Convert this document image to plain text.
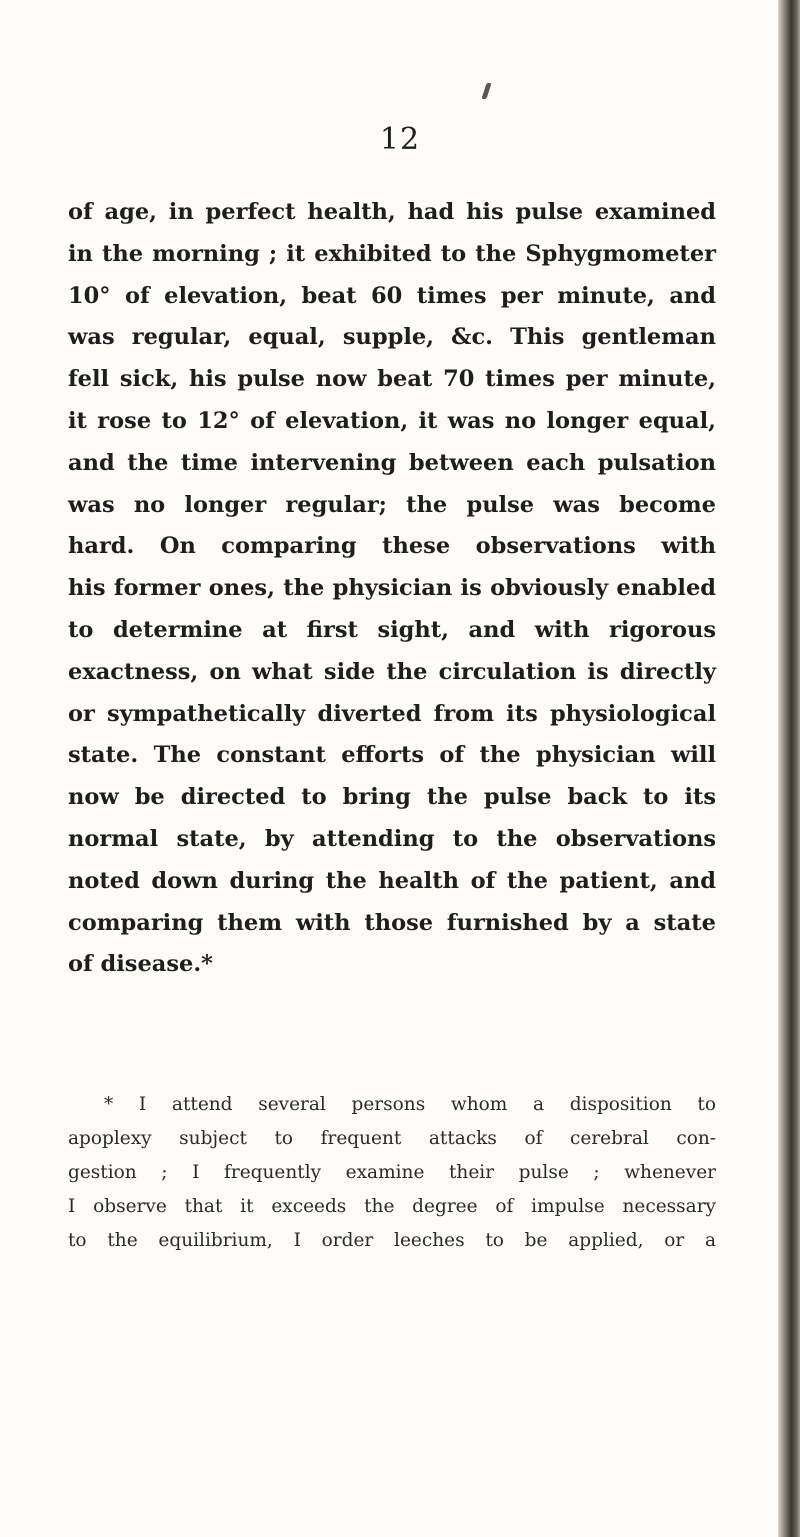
12
of age, in perfect health, had his pulse examined
in the morning ; it exhibited to the Sphygmometer
10° of elevation, beat 60 times per minute, and
was regular, equal, supple, &c. This gentleman
fell sick, his pulse now beat 70 times per minute,
it rose to 12° of elevation, it was no longer equal,
and the time intervening between each pulsation
was no longer regular; the pulse was become
hard. On comparing these observations with
his former ones, the physician is obviously enabled
to determine at first sight, and with rigorous
exactness, on what side the circulation is directly
or sympathetically diverted from its physiological
state. The constant efforts of the physician will
now be directed to bring the pulse back to its
normal state, by attending to the observations
noted down during the health of the patient, and
comparing them with those furnished by a state
of disease.*
* I attend several persons whom a disposition to
apoplexy subject to frequent attacks of cerebral con-
gestion ; I frequently examine their pulse ; whenever
I observe that it exceeds the degree of impulse necessary
to the equilibrium, I order leeches to be applied, or a
